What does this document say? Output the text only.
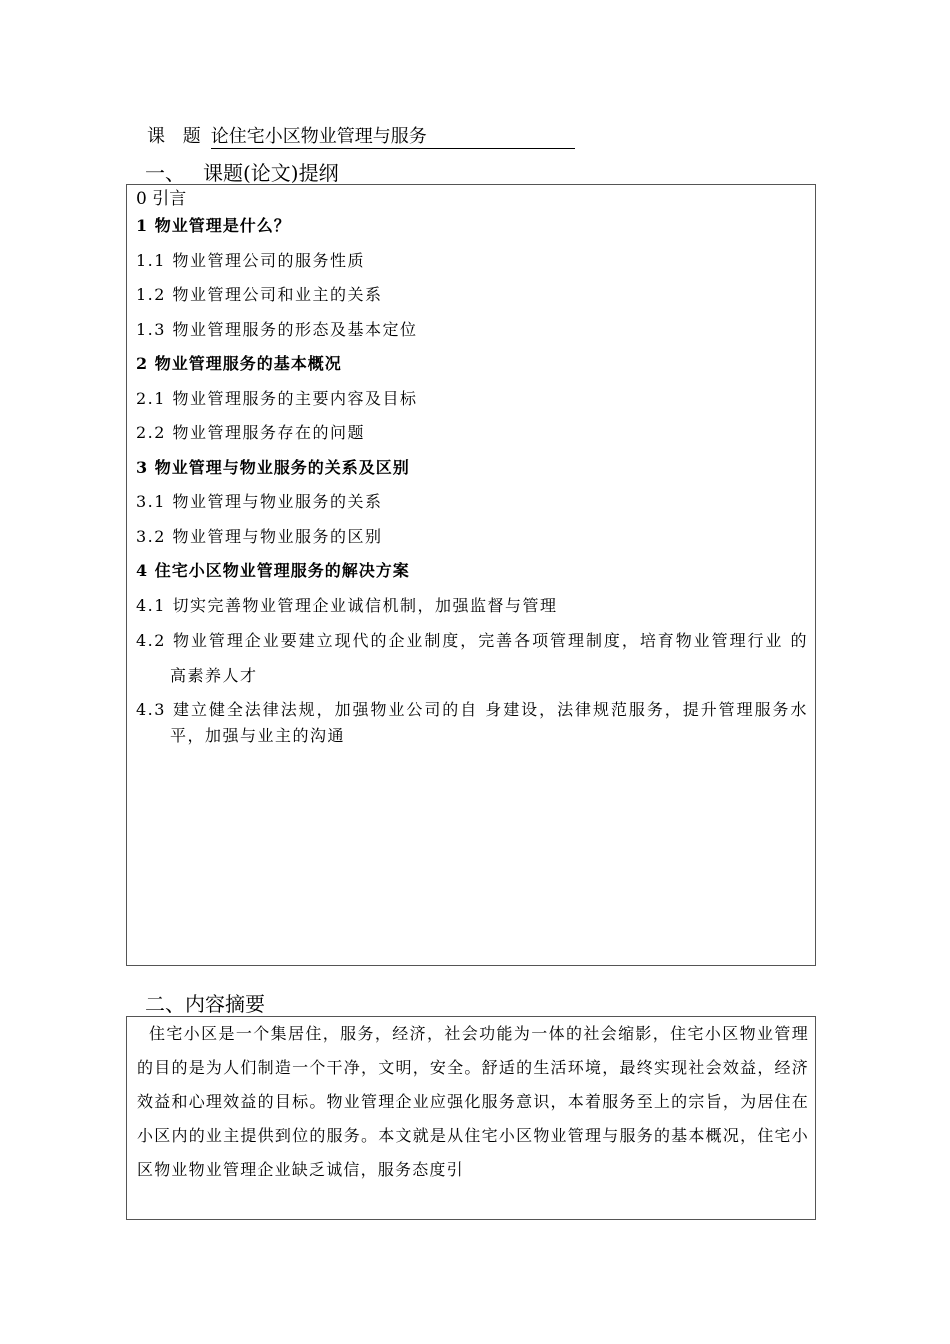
课 题 论住宅小区物业管理与服务
一、 课题(论文)提纲
0 引言
1 物业管理是什么？
1.1 物业管理公司的服务性质
1.2 物业管理公司和业主的关系
1.3 物业管理服务的形态及基本定位
2 物业管理服务的基本概况
2.1 物业管理服务的主要内容及目标
2.2 物业管理服务存在的问题
3 物业管理与物业服务的关系及区别
3.1 物业管理与物业服务的关系
3.2 物业管理与物业服务的区别
4 住宅小区物业管理服务的解决方案
4.1 切实完善物业管理企业诚信机制，加强监督与管理
4.2 物业管理企业要建立现代的企业制度，完善各项管理制度，培育物业管理行业 的高素养人才
4.3 建立健全法律法规，加强物业公司的自 身建设，法律规范服务，提升管理服务水平，加强与业主的沟通
二、内容摘要

住宅小区是一个集居住，服务，经济，社会功能为一体的社会缩影，住宅小区物业管理的目的是为人们制造一个干净，文明，安全。舒适的生活环境，最终实现社会效益，经济效益和心理效益的目标。物业管理企业应强化服务意识，本着服务至上的宗旨，为居住在小区内的业主提供到位的服务。本文就是从住宅小区物业管理与服务的基本概况，住宅小区物业物业管理企业缺乏诚信，服务态度引
